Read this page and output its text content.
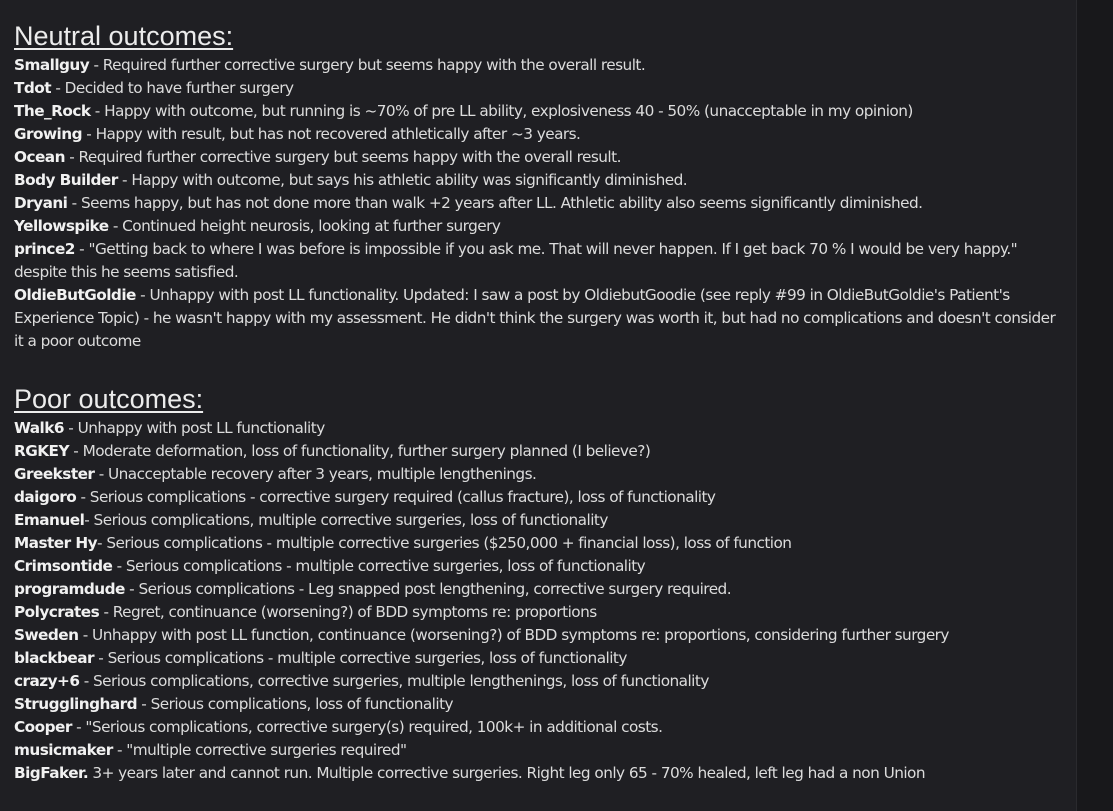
Neutral outcomes:
Smallguy - Required further corrective surgery but seems happy with the overall result.
Tdot - Decided to have further surgery
The_Rock - Happy with outcome, but running is ~70% of pre LL ability, explosiveness 40 - 50% (unacceptable in my opinion)
Growing - Happy with result, but has not recovered athletically after ~3 years.
Ocean - Required further corrective surgery but seems happy with the overall result.
Body Builder - Happy with outcome, but says his athletic ability was significantly diminished.
Dryani - Seems happy, but has not done more than walk +2 years after LL. Athletic ability also seems significantly diminished.
Yellowspike - Continued height neurosis, looking at further surgery
prince2 - "Getting back to where I was before is impossible if you ask me. That will never happen. If I get back 70 % I would be very happy." despite this he seems satisfied.
OldieButGoldie - Unhappy with post LL functionality. Updated: I saw a post by OldiebutGoodie (see reply #99 in OldieButGoldie's Patient's Experience Topic) - he wasn't happy with my assessment. He didn't think the surgery was worth it, but had no complications and doesn't consider it a poor outcome
Poor outcomes:
Walk6 - Unhappy with post LL functionality
RGKEY - Moderate deformation, loss of functionality, further surgery planned (I believe?)
Greekster - Unacceptable recovery after 3 years, multiple lengthenings.
daigoro - Serious complications - corrective surgery required (callus fracture), loss of functionality
Emanuel- Serious complications, multiple corrective surgeries, loss of functionality
Master Hy- Serious complications - multiple corrective surgeries ($250,000 + financial loss), loss of function
Crimsontide - Serious complications - multiple corrective surgeries, loss of functionality
programdude - Serious complications - Leg snapped post lengthening, corrective surgery required.
Polycrates - Regret, continuance (worsening?) of BDD symptoms re: proportions
Sweden - Unhappy with post LL function, continuance (worsening?) of BDD symptoms re: proportions, considering further surgery
blackbear - Serious complications - multiple corrective surgeries, loss of functionality
crazy+6 - Serious complications, corrective surgeries, multiple lengthenings, loss of functionality
Strugglinghard - Serious complications, loss of functionality
Cooper - "Serious complications, corrective surgery(s) required, 100k+ in additional costs.
musicmaker - "multiple corrective surgeries required"
BigFaker. 3+ years later and cannot run. Multiple corrective surgeries. Right leg only 65 - 70% healed, left leg had a non Union
